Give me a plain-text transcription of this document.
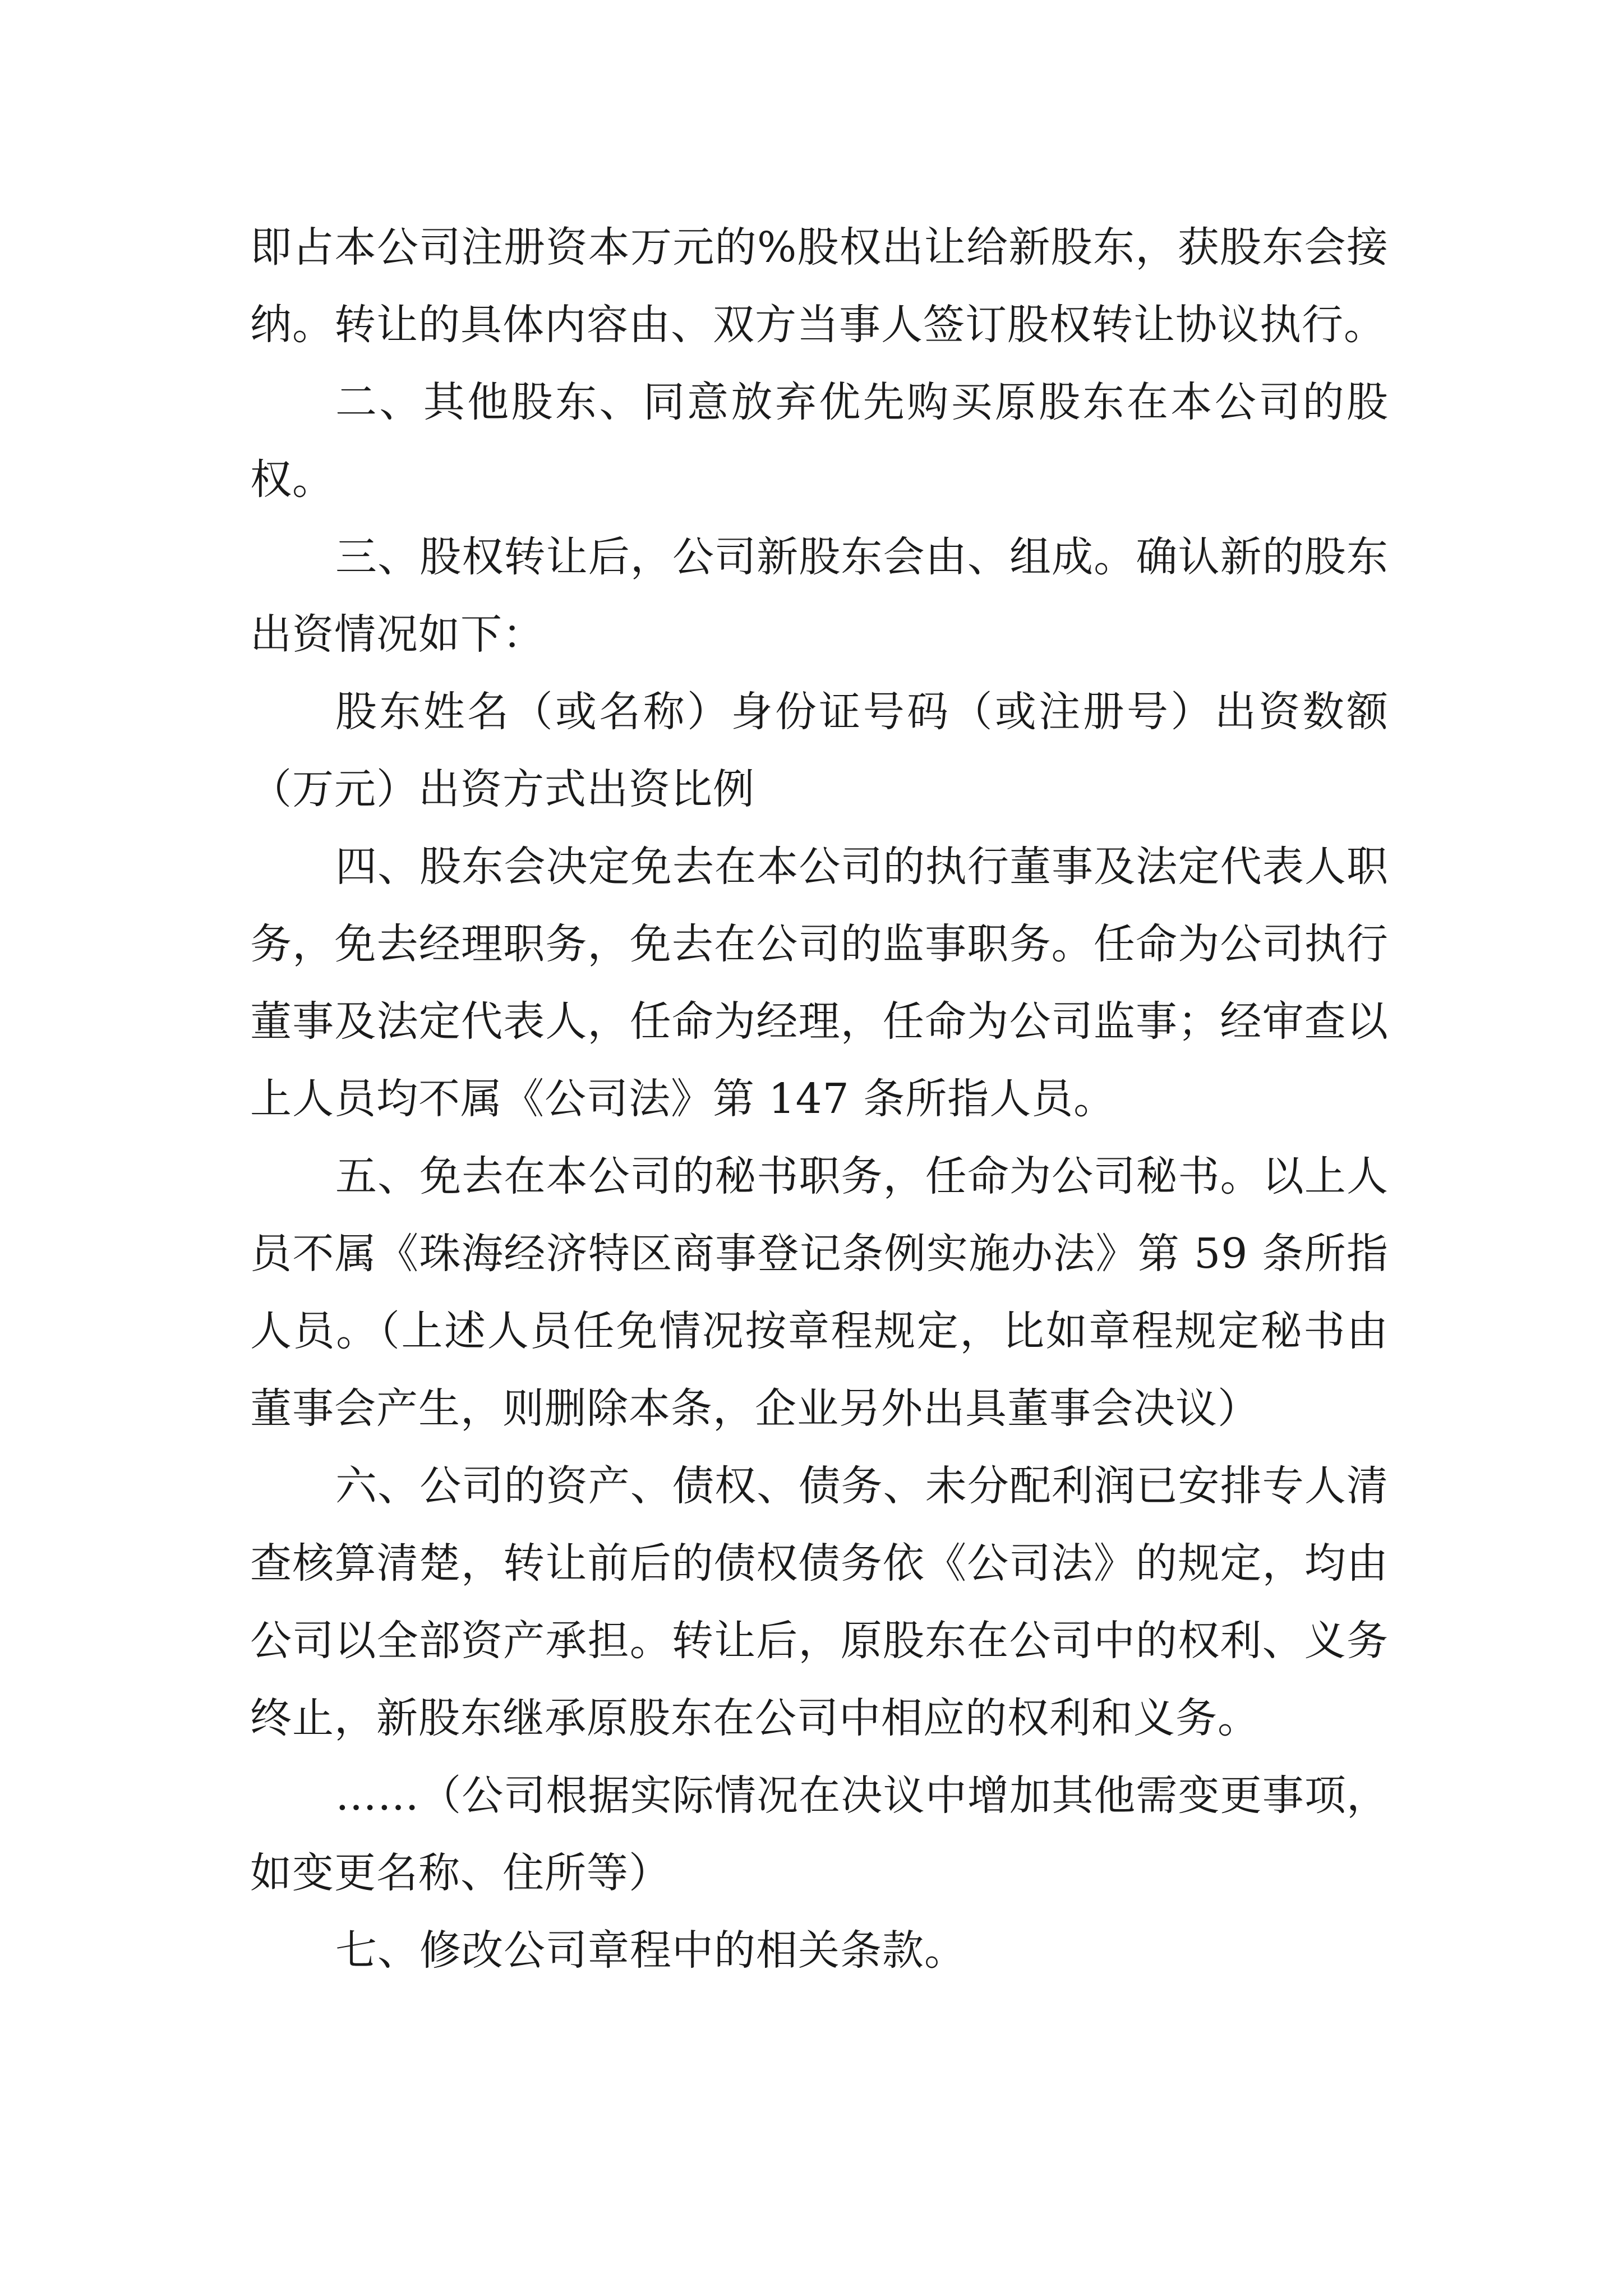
即占本公司注册资本万元的%股权出让给新股东，获股东会接纳。转让的具体内容由、双方当事人签订股权转让协议执行。

二、其他股东、同意放弃优先购买原股东在本公司的股权。

三、股权转让后，公司新股东会由、组成。确认新的股东出资情况如下：

股东姓名（或名称）身份证号码（或注册号）出资数额（万元）出资方式出资比例

四、股东会决定免去在本公司的执行董事及法定代表人职务，免去经理职务，免去在公司的监事职务。任命为公司执行董事及法定代表人，任命为经理，任命为公司监事；经审查以上人员均不属《公司法》第 147 条所指人员。

五、免去在本公司的秘书职务，任命为公司秘书。以上人员不属《珠海经济特区商事登记条例实施办法》第 59 条所指人员。（上述人员任免情况按章程规定，比如章程规定秘书由董事会产生，则删除本条，企业另外出具董事会决议）

六、公司的资产、债权、债务、未分配利润已安排专人清查核算清楚，转让前后的债权债务依《公司法》的规定，均由公司以全部资产承担。转让后，原股东在公司中的权利、义务终止，新股东继承原股东在公司中相应的权利和义务。

……（公司根据实际情况在决议中增加其他需变更事项，如变更名称、住所等）

七、修改公司章程中的相关条款。
